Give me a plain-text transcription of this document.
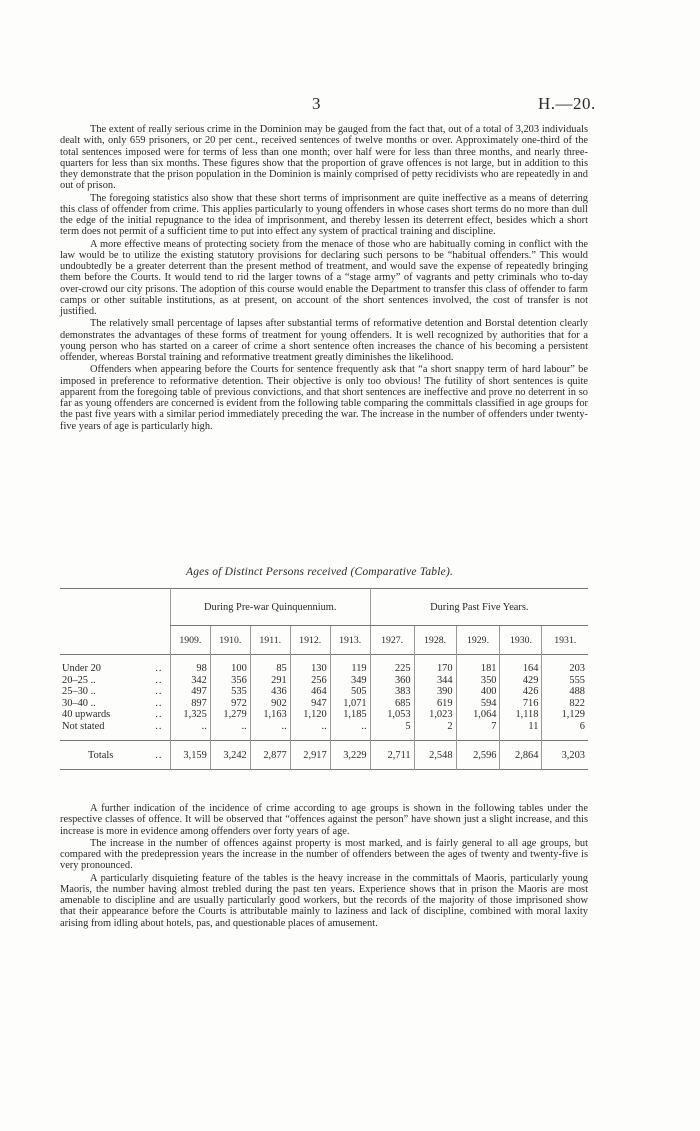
3	H.—20.

The extent of really serious crime in the Dominion may be gauged from the fact that, out of a total of 3,203 individuals dealt with, only 659 prisoners, or 20 per cent., received sentences of twelve months or over. Approximately one-third of the total sentences imposed were for terms of less than one month; over half were for less than three months, and nearly three-quarters for less than six months. These figures show that the proportion of grave offences is not large, but in addition to this they demonstrate that the prison population in the Dominion is mainly comprised of petty recidivists who are repeatedly in and out of prison.

The foregoing statistics also show that these short terms of imprisonment are quite ineffective as a means of deterring this class of offender from crime. This applies particularly to young offenders in whose cases short terms do no more than dull the edge of the initial repugnance to the idea of imprisonment, and thereby lessen its deterrent effect, besides which a short term does not permit of a sufficient time to put into effect any system of practical training and discipline.

A more effective means of protecting society from the menace of those who are habitually coming in conflict with the law would be to utilize the existing statutory provisions for declaring such persons to be “habitual offenders.” This would undoubtedly be a greater deterrent than the present method of treatment, and would save the expense of repeatedly bringing them before the Courts. It would tend to rid the larger towns of a “stage army” of vagrants and petty criminals who to-day over-crowd our city prisons. The adoption of this course would enable the Department to transfer this class of offender to farm camps or other suitable institutions, as at present, on account of the short sentences involved, the cost of transfer is not justified.

The relatively small percentage of lapses after substantial terms of reformative detention and Borstal detention clearly demonstrates the advantages of these forms of treatment for young offenders. It is well recognized by authorities that for a young person who has started on a career of crime a short sentence often increases the chance of his becoming a persistent offender, whereas Borstal training and reformative treatment greatly diminishes the likelihood.

Offenders when appearing before the Courts for sentence frequently ask that “a short snappy term of hard labour” be imposed in preference to reformative detention. Their objective is only too obvious! The futility of short sentences is quite apparent from the foregoing table of previous convictions, and that short sentences are ineffective and prove no deterrent in so far as young offenders are concerned is evident from the following table comparing the committals classified in age groups for the past five years with a similar period immediately preceding the war. The increase in the number of offenders under twenty-five years of age is particularly high.

Ages of Distinct Persons received (Comparative Table).
		During Pre-war Quinquennium.					During Past Five Years.				
		1909.	1910.	1911.	1912.	1913.	1927.	1928.	1929.	1930.	1931.
Under 20	..	98	100	85	130	119	225	170	181	164	203
20–25 ..	..	342	356	291	256	349	360	344	350	429	555
25–30 ..	..	497	535	436	464	505	383	390	400	426	488
30–40 ..	..	897	972	902	947	1,071	685	619	594	716	822
40 upwards	..	1,325	1,279	1,163	1,120	1,185	1,053	1,023	1,064	1,118	1,129
Not stated	..	..	..	..	..	..	5	2	7	11	6
Totals	..	3,159	3,242	2,877	2,917	3,229	2,711	2,548	2,596	2,864	3,203

A further indication of the incidence of crime according to age groups is shown in the following tables under the respective classes of offence. It will be observed that “offences against the person” have shown just a slight increase, and this increase is more in evidence among offenders over forty years of age.

The increase in the number of offences against property is most marked, and is fairly general to all age groups, but compared with the predepression years the increase in the number of offenders between the ages of twenty and twenty-five is very pronounced.

A particularly disquieting feature of the tables is the heavy increase in the committals of Maoris, particularly young Maoris, the number having almost trebled during the past ten years. Experience shows that in prison the Maoris are most amenable to discipline and are usually particularly good workers, but the records of the majority of those imprisoned show that their appearance before the Courts is attributable mainly to laziness and lack of discipline, combined with moral laxity arising from idling about hotels, pas, and questionable places of amusement.
